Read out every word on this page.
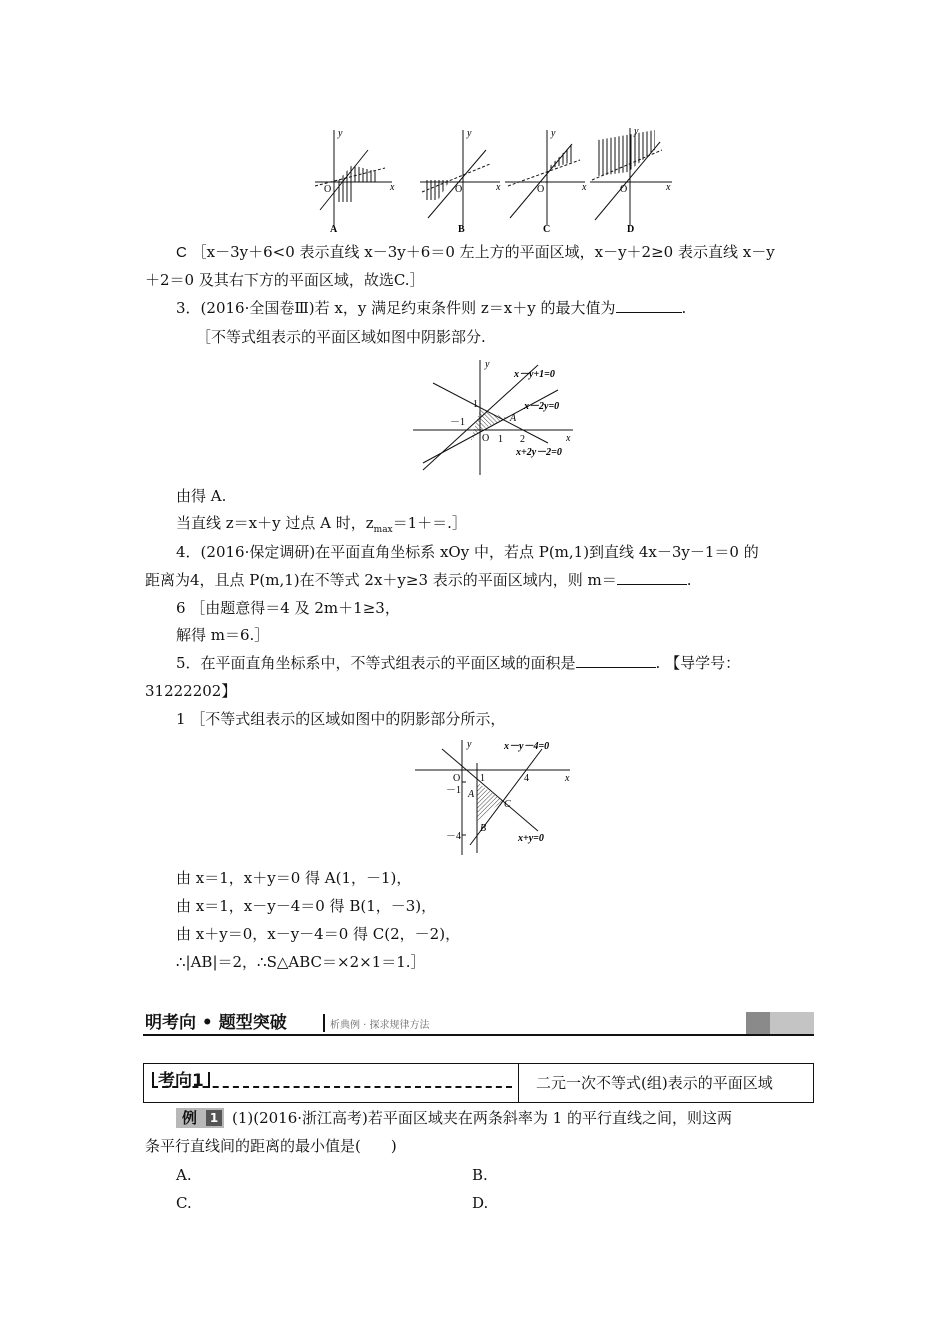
y
x
O
A
y
x
O
B
y
x
O
C
y
x
O
D
C ［x－3y＋6<0 表示直线 x－3y＋6＝0 左上方的平面区域，x－y＋2≥0 表示直线 x－y
＋2＝0 及其右下方的平面区域，故选C.］
3．(2016·全国卷Ⅲ)若 x，y 满足约束条件则 z＝x＋y 的最大值为	.
［不等式组表示的平面区域如图中阴影部分.
y
x
O
1
－1
1 2
A
x－y+1=0
x－2y=0
x+2y－2=0
由得 A.
当直线 z＝x＋y 过点 A 时，$z_{max}=1+=.]$
4．(2016·保定调研)在平面直角坐标系 xOy 中，若点 P(m,1)到直线 4x－3y－1＝0 的
距离为4，且点 P(m,1)在不等式 2x＋y≥3 表示的平面区域内，则 m＝	.
6 ［由题意得＝4 及 2m＋1≥3，
解得 m＝6.］
5．在平面直角坐标系中，不等式组表示的平面区域的面积是	. 【导学号：
31222202】
1 ［不等式组表示的区域如图中的阴影部分所示，
y
x
O 1	4
－1
－4
A
B
C
x－y－4=0
x+y=0
由 x＝1，x＋y＝0 得 A(1，－1)，
由 x＝1，x－y－4＝0 得 B(1，－3)，
由 x＋y＝0，x－y－4＝0 得 C(2，－2)，
∴|AB|＝2，∴S△ABC＝×2×1＝1.］
明考向 • 题型突破	析典例 · 探求规律方法
考向1	二元一次不等式(组)表示的平面区域
例	1 (1)(2016·浙江高考)若平面区域夹在两条斜率为 1 的平行直线之间，则这两
条平行直线间的距离的最小值是(　　)
A.	B.
C.	D.
